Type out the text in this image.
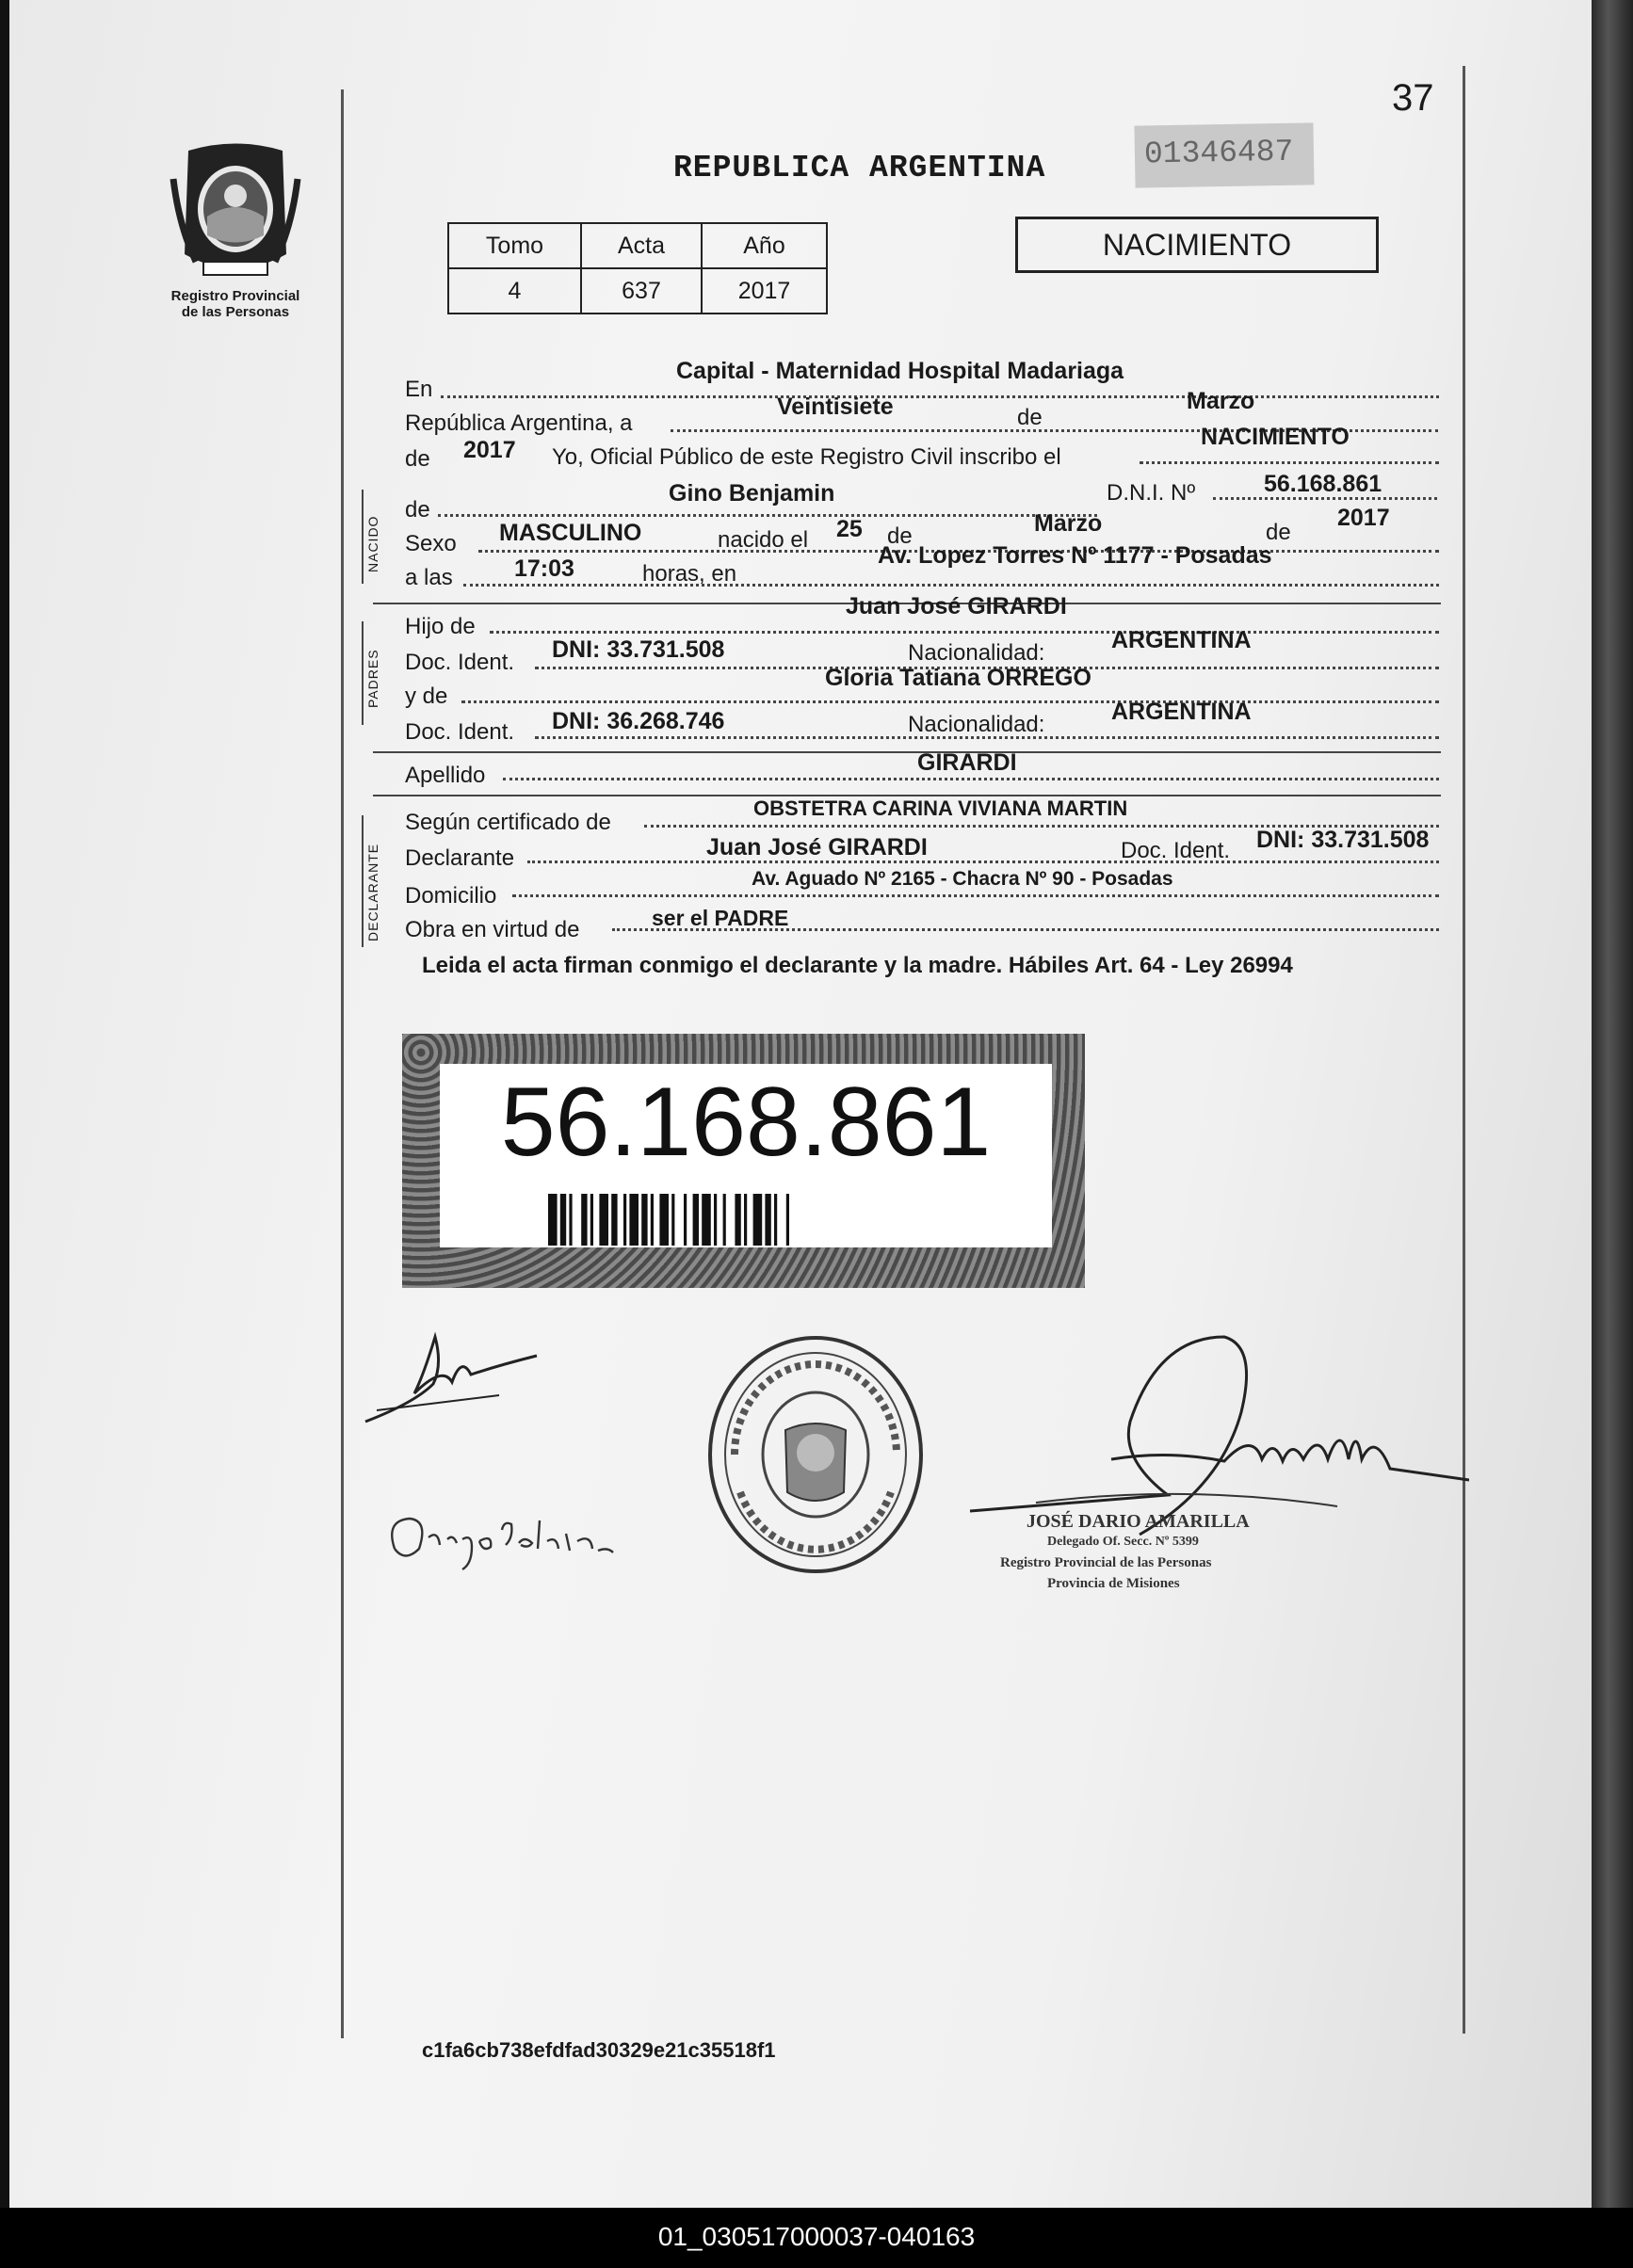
37
Registro Provincial
de las Personas
REPUBLICA ARGENTINA	01346487
Tomo	Acta	Año
4	637	2017
NACIMIENTO
En
Capital - Maternidad Hospital Madariaga
República Argentina, a
Veintisiete	de
Marzo
de 2017 Yo, Oficial Público de este Registro Civil inscribo el
NACIMIENTO
NACIDO
de
Gino Benjamin	D.N.I. Nº	56.168.861
Sexo MASCULINO	nacido el 25 de	Marzo	de
2017
a las	17:03	horas, en
Av. Lopez Torres Nº 1177 - Posadas
PADRES
Hijo de
Juan José GIRARDI
Doc. Ident. DNI: 33.731.508	Nacionalidad:	ARGENTINA
y de
Gloria Tatiana ORREGO
Doc. Ident. DNI: 36.268.746	Nacionalidad:	ARGENTINA
Apellido	GIRARDI
DECLARANTE
Según certificado de
OBSTETRA CARINA VIVIANA MARTIN
Declarante	Juan José GIRARDI	Doc. Ident. DNI: 33.731.508
Domicilio
Av. Aguado Nº 2165 - Chacra Nº 90 - Posadas
Obra en virtud de	ser el PADRE
Leida el acta firman conmigo el declarante y la madre. Hábiles Art. 64 - Ley 26994
56.168.861
JOSÉ DARIO AMARILLA
Delegado Of. Secc. Nº 5399
Registro Provincial de las Personas
Provincia de Misiones
c1fa6cb738efdfad30329e21c35518f1
01_030517000037-040163
